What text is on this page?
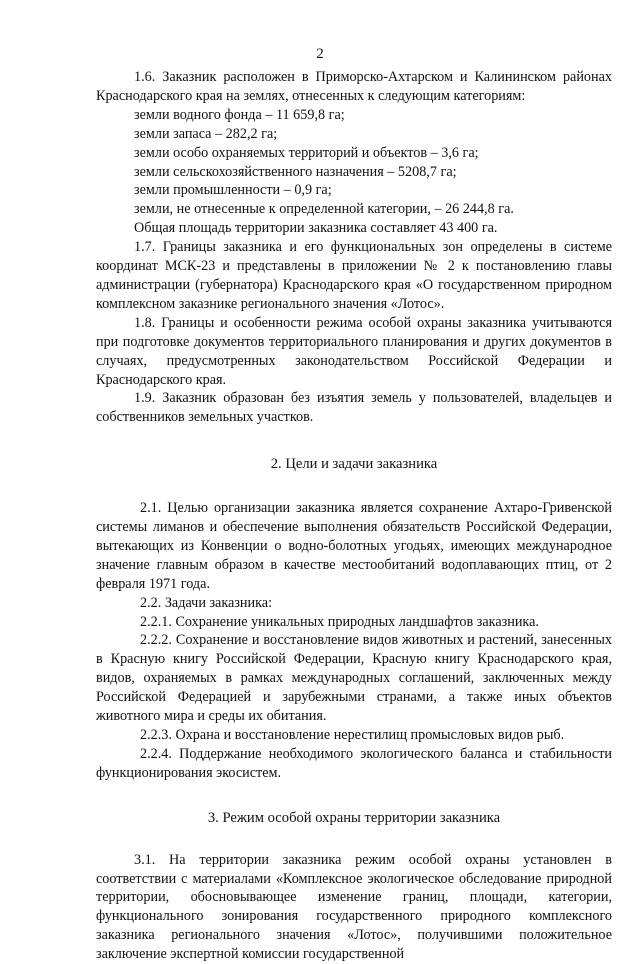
2

1.6. Заказник расположен в Приморско-Ахтарском и Калининском районах Краснодарского края на землях, отнесенных к следующим категориям:

земли водного фонда – 11 659,8 га;

земли запаса – 282,2 га;

земли особо охраняемых территорий и объектов – 3,6 га;

земли сельскохозяйственного назначения – 5208,7 га;

земли промышленности – 0,9 га;

земли, не отнесенные к определенной категории, – 26 244,8 га.

Общая площадь территории заказника составляет 43 400 га.

1.7. Границы заказника и его функциональных зон определены в системе координат МСК-23 и представлены в приложении № 2 к постановлению главы администрации (губернатора) Краснодарского края «О государственном природном комплексном заказнике регионального значения «Лотос».

1.8. Границы и особенности режима особой охраны заказника учитываются при подготовке документов территориального планирования и других документов в случаях, предусмотренных законодательством Российской Федерации и Краснодарского края.

1.9. Заказник образован без изъятия земель у пользователей, владельцев и собственников земельных участков.

2. Цели и задачи заказника

2.1. Целью организации заказника является сохранение Ахтаро-Гривенской системы лиманов и обеспечение выполнения обязательств Российской Федерации, вытекающих из Конвенции о водно-болотных угодьях, имеющих международное значение главным образом в качестве местообитаний водоплавающих птиц, от 2 февраля 1971 года.

2.2. Задачи заказника:

2.2.1. Сохранение уникальных природных ландшафтов заказника.

2.2.2. Сохранение и восстановление видов животных и растений, занесенных в Красную книгу Российской Федерации, Красную книгу Краснодарского края, видов, охраняемых в рамках международных соглашений, заключенных между Российской Федерацией и зарубежными странами, а также иных объектов животного мира и среды их обитания.

2.2.3. Охрана и восстановление нерестилищ промысловых видов рыб.

2.2.4. Поддержание необходимого экологического баланса и стабильности функционирования экосистем.

3. Режим особой охраны территории заказника

3.1. На территории заказника режим особой охраны установлен в соответствии с материалами «Комплексное экологическое обследование природной территории, обосновывающее изменение границ, площади, категории, функционального зонирования государственного природного комплексного заказника регионального значения «Лотос», получившими положительное заключение экспертной комиссии государственной
